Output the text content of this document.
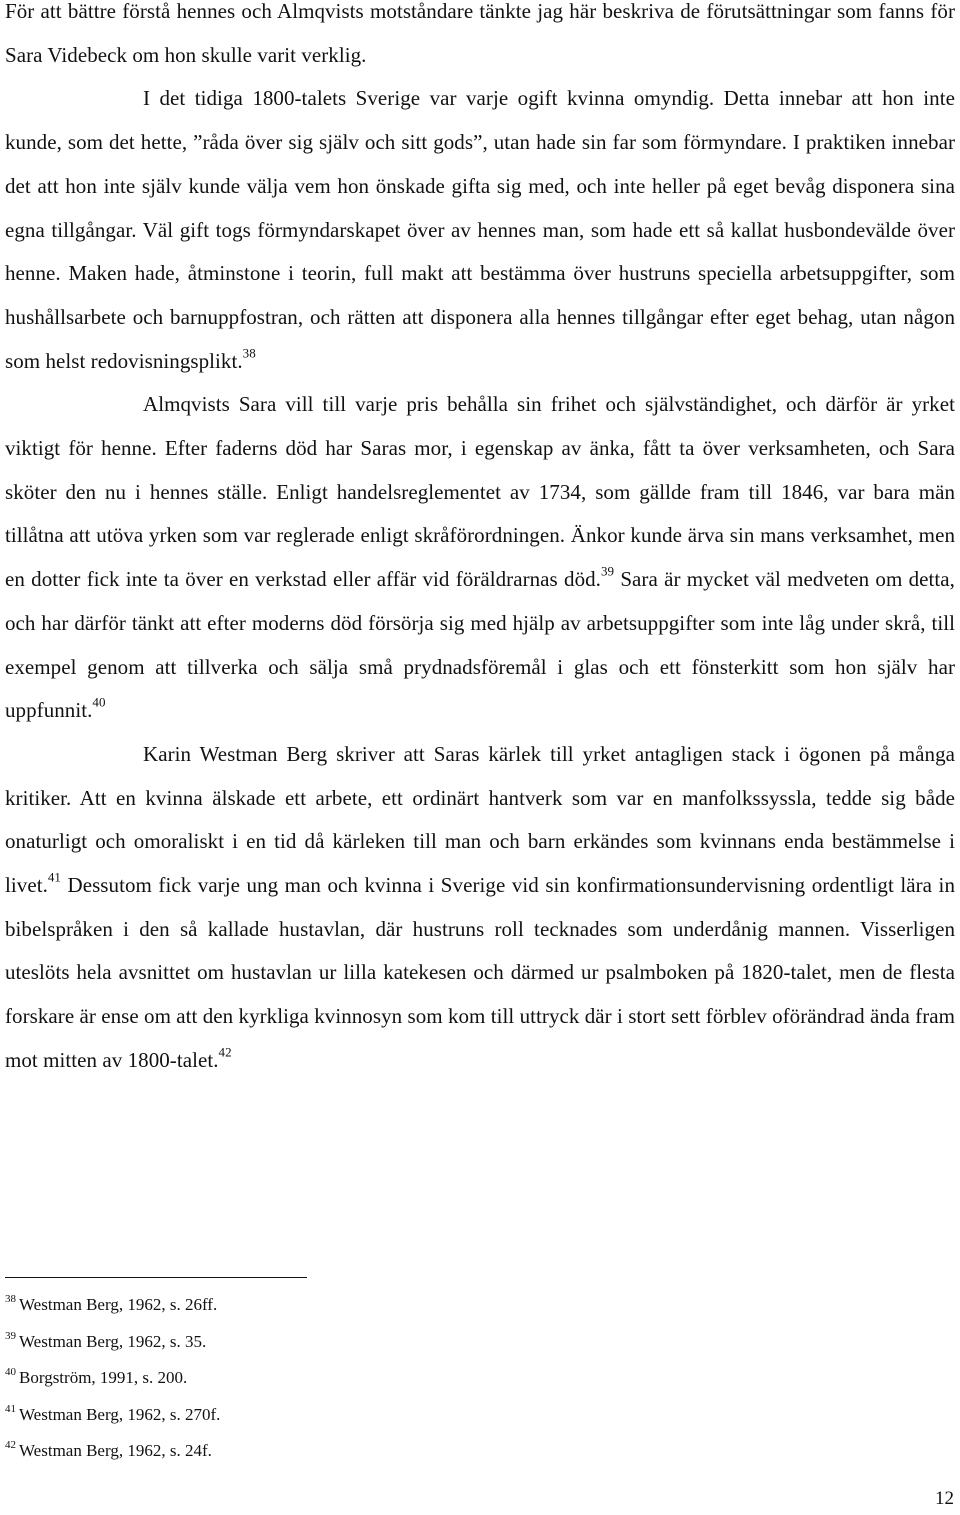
För att bättre förstå hennes och Almqvists motståndare tänkte jag här beskriva de förutsättningar som fanns för Sara Videbeck om hon skulle varit verklig.

I det tidiga 1800-talets Sverige var varje ogift kvinna omyndig. Detta innebar att hon inte kunde, som det hette, ”råda över sig själv och sitt gods”, utan hade sin far som förmyndare. I praktiken innebar det att hon inte själv kunde välja vem hon önskade gifta sig med, och inte heller på eget bevåg disponera sina egna tillgångar. Väl gift togs förmyndarskapet över av hennes man, som hade ett så kallat husbondevälde över henne. Maken hade, åtminstone i teorin, full makt att bestämma över hustruns speciella arbetsuppgifter, som hushållsarbete och barnuppfostran, och rätten att disponera alla hennes tillgångar efter eget behag, utan någon som helst redovisningsplikt.$^{38}$

Almqvists Sara vill till varje pris behålla sin frihet och självständighet, och därför är yrket viktigt för henne. Efter faderns död har Saras mor, i egenskap av änka, fått ta över verksamheten, och Sara sköter den nu i hennes ställe. Enligt handelsreglementet av 1734, som gällde fram till 1846, var bara män tillåtna att utöva yrken som var reglerade enligt skråförordningen. Änkor kunde ärva sin mans verksamhet, men en dotter fick inte ta över en verkstad eller affär vid föräldrarnas död.$^{39}$ Sara är mycket väl medveten om detta, och har därför tänkt att efter moderns död försörja sig med hjälp av arbetsuppgifter som inte låg under skrå, till exempel genom att tillverka och sälja små prydnadsföremål i glas och ett fönsterkitt som hon själv har uppfunnit.$^{40}$

Karin Westman Berg skriver att Saras kärlek till yrket antagligen stack i ögonen på många kritiker. Att en kvinna älskade ett arbete, ett ordinärt hantverk som var en manfolkssyssla, tedde sig både onaturligt och omoraliskt i en tid då kärleken till man och barn erkändes som kvinnans enda bestämmelse i livet.$^{41}$ Dessutom fick varje ung man och kvinna i Sverige vid sin konfirmationsundervisning ordentligt lära in bibelspråken i den så kallade hustavlan, där hustruns roll tecknades som underdånig mannen. Visserligen uteslöts hela avsnittet om hustavlan ur lilla katekesen och därmed ur psalmboken på 1820-talet, men de flesta forskare är ense om att den kyrkliga kvinnosyn som kom till uttryck där i stort sett förblev oförändrad ända fram mot mitten av 1800-talet.$^{42}$

$^{38}$ Westman Berg, 1962, s. 26ff.

$^{39}$ Westman Berg, 1962, s. 35.

$^{40}$ Borgström, 1991, s. 200.

$^{41}$ Westman Berg, 1962, s. 270f.

$^{42}$ Westman Berg, 1962, s. 24f.

12
